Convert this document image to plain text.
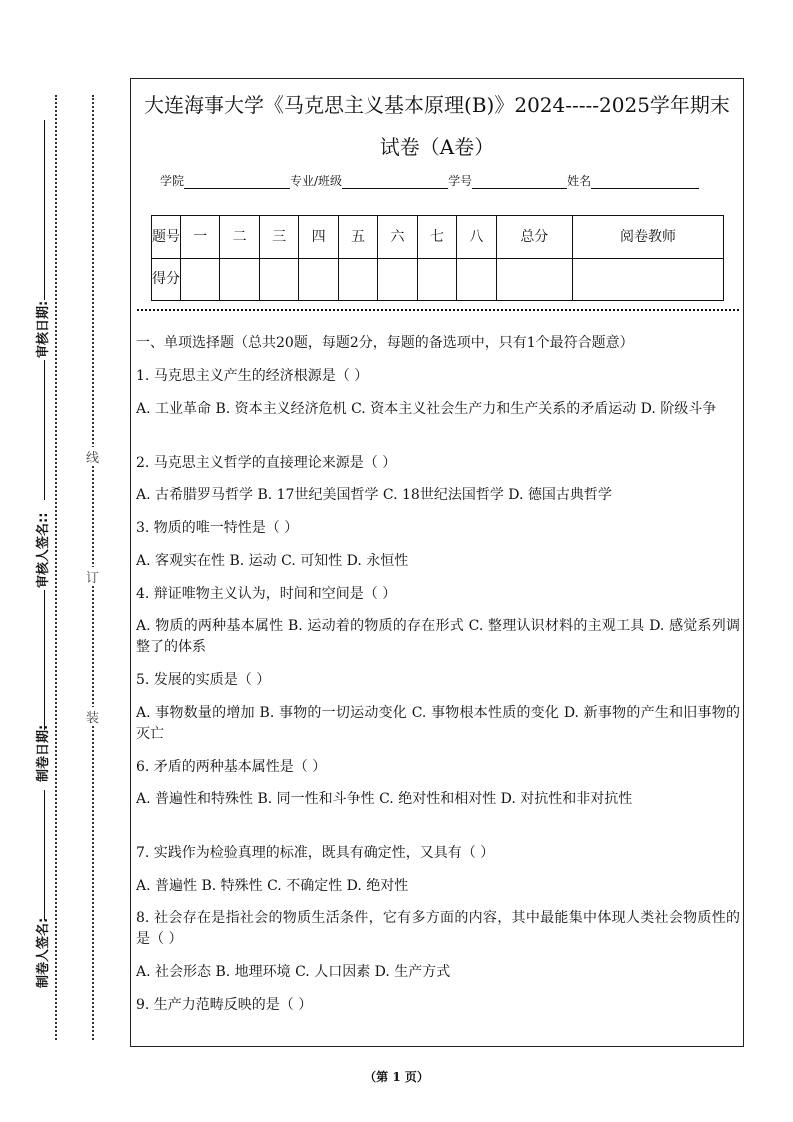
审核日期:
审核人签名::
制卷日期:
制卷人签名:
线
订
装
大连海事大学《马克思主义基本原理(B)》2024-----2025学年期末
试卷（A卷）
学院	专业/班级	学号	姓名
题号	一	二	三	四	五	六	七	八	总分	阅卷教师
得分										
一、单项选择题（总共20题，每题2分，每题的备选项中，只有1个最符合题意）
1. 马克思主义产生的经济根源是（ ）
A. 工业革命 B. 资本主义经济危机 C. 资本主义社会生产力和生产关系的矛盾运动 D. 阶级斗争
2. 马克思主义哲学的直接理论来源是（ ）
A. 古希腊罗马哲学 B. 17世纪美国哲学 C. 18世纪法国哲学 D. 德国古典哲学
3. 物质的唯一特性是（ ）
A. 客观实在性 B. 运动 C. 可知性 D. 永恒性
4. 辩证唯物主义认为，时间和空间是（ ）
A. 物质的两种基本属性 B. 运动着的物质的存在形式 C. 整理认识材料的主观工具 D. 感觉系列调整了的体系
5. 发展的实质是（ ）
A. 事物数量的增加 B. 事物的一切运动变化 C. 事物根本性质的变化 D. 新事物的产生和旧事物的灭亡
6. 矛盾的两种基本属性是（ ）
A. 普遍性和特殊性 B. 同一性和斗争性 C. 绝对性和相对性 D. 对抗性和非对抗性
7. 实践作为检验真理的标准，既具有确定性，又具有（ ）
A. 普遍性 B. 特殊性 C. 不确定性 D. 绝对性
8. 社会存在是指社会的物质生活条件，它有多方面的内容，其中最能集中体现人类社会物质性的是（ ）
A. 社会形态 B. 地理环境 C. 人口因素 D. 生产方式
9. 生产力范畴反映的是（ ）
（第 1 页）
